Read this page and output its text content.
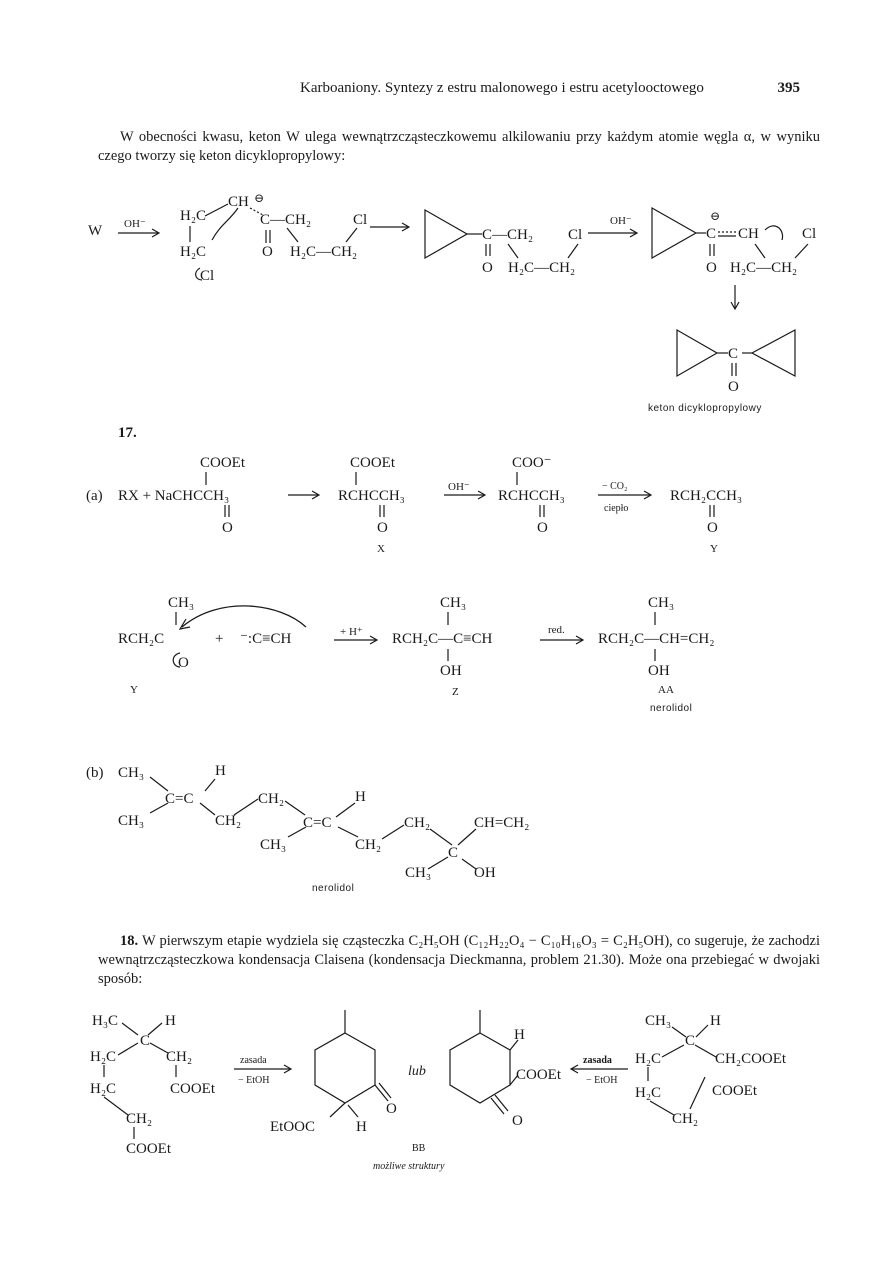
Karboaniony. Syntezy z estru malonowego i estru acetylooctowego	395
W obecności kwasu, keton W ulega wewnątrzcząsteczkowemu alkilowaniu przy każdym atomie węgla α, w wyniku czego tworzy się keton dicyklopropylowy:
W OH⁻
CH ⊖
H₂C	C—CH₂	Cl
H₂C	O H₂C—CH₂
Cl
C—CH₂ Cl
O H₂C—CH₂
OH⁻
C
⊖
CH	Cl
O H₂C—CH₂
C
O
keton dicyklopropylowy
17.
(a) RX + NaCHCCH₃
COOEt
O
COOEt
RCHCCH₃
O
X
OH⁻
COO⁻
RCHCCH₃
O
− CO₂
ciepło
RCH₂CCH₃
O
Y
CH₃
RCH₂C	+ ⁻:C≡CH
O
Y
+ H⁺
CH₃
RCH₂C—C≡CH
OH
Z
red.
CH₃
RCH₂C—CH=CH₂
OH
AA
nerolidol
(b) CH₃	H
C=C	CH₂
CH₃	CH₂
H
C=C
CH₃	CH₂
CH₂	CH=CH₂
C
CH₃	OH
nerolidol
18. W pierwszym etapie wydziela się cząsteczka C₂H₅OH (C₁₂H₂₂O₄ − C₁₀H₁₆O₃ = C₂H₅OH), co sugeruje, że zachodzi wewnątrzcząsteczkowa kondensacja Claisena (kondensacja Dieckmanna, problem 21.30). Może ona przebiegać w dwojaki sposób:
H₃C	H
C
H₂C	CH₂
H₂C	COOEt
CH₂
COOEt
zasada
− EtOH
O
EtOOC	H
lub
H
COOEt
O
zasada
− EtOH
CH₃	H
C
H₂C	CH₂COOEt
H₂C	COOEt
CH₂
BB
możliwe struktury
